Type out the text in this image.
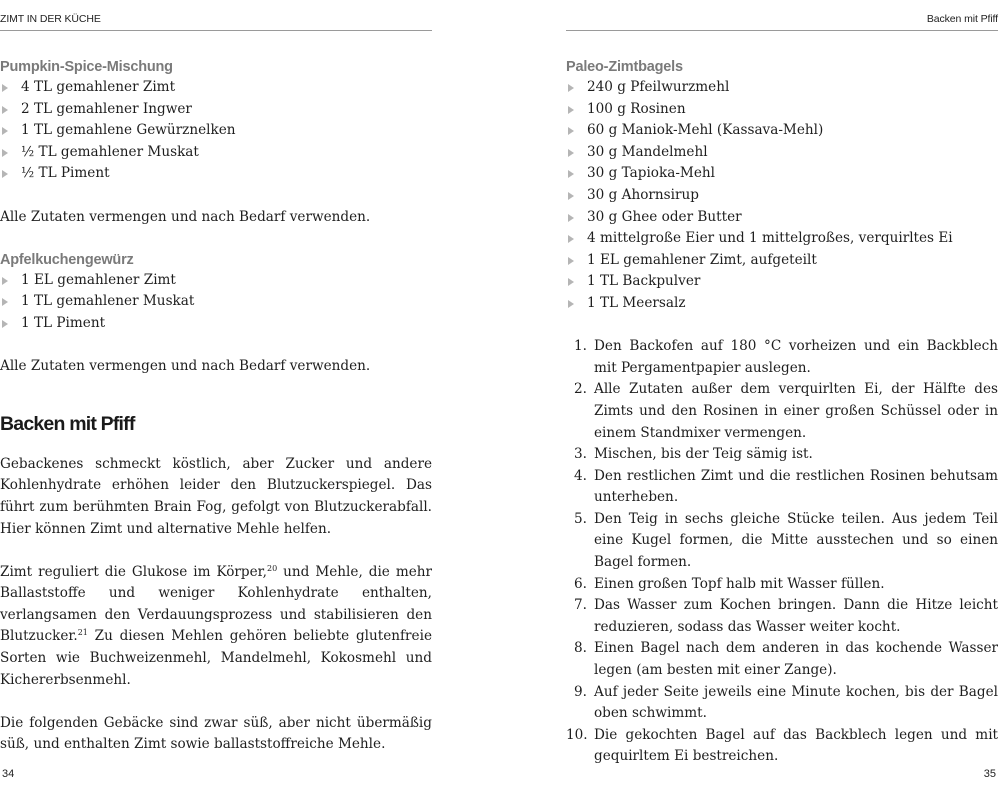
ZIMT IN DER KÜCHE
Pumpkin-Spice-Mischung
4 TL gemahlener Zimt
2 TL gemahlener Ingwer
1 TL gemahlene Gewürznelken
½ TL gemahlener Muskat
½ TL Piment

Alle Zutaten vermengen und nach Bedarf verwenden.

Apfelkuchengewürz
1 EL gemahlener Zimt
1 TL gemahlener Muskat
1 TL Piment

Alle Zutaten vermengen und nach Bedarf verwenden.

Backen mit Pfiff

Gebackenes schmeckt köstlich, aber Zucker und andere Kohlenhydrate erhöhen leider den Blutzuckerspiegel. Das führt zum berühmten Brain Fog, gefolgt von Blutzuckerabfall. Hier können Zimt und alternative Mehle helfen.

Zimt reguliert die Glukose im Körper,$^{20}$ und Mehle, die mehr Ballaststoffe und weniger Kohlenhydrate enthalten, verlangsamen den Verdauungsprozess und stabilisieren den Blutzucker.$^{21}$ Zu diesen Mehlen gehören beliebte glutenfreie Sorten wie Buchweizenmehl, Mandelmehl, Kokosmehl und Kichererbsenmehl.

Die folgenden Gebäcke sind zwar süß, aber nicht übermäßig süß, und enthalten Zimt sowie ballaststoffreiche Mehle.

34
Backen mit Pfiff
Paleo-Zimtbagels
240 g Pfeilwurzmehl
100 g Rosinen
60 g Maniok-Mehl (Kassava-Mehl)
30 g Mandelmehl
30 g Tapioka-Mehl
30 g Ahornsirup
30 g Ghee oder Butter
4 mittelgroße Eier und 1 mittelgroßes, verquirltes Ei
1 EL gemahlener Zimt, aufgeteilt
1 TL Backpulver
1 TL Meersalz
1. Den Backofen auf 180 °C vorheizen und ein Backblech mit Pergamentpapier auslegen.
2. Alle Zutaten außer dem verquirlten Ei, der Hälfte des Zimts und den Rosinen in einer großen Schüssel oder in einem Standmixer vermengen.
3. Mischen, bis der Teig sämig ist.
4. Den restlichen Zimt und die restlichen Rosinen behutsam unterheben.
5. Den Teig in sechs gleiche Stücke teilen. Aus jedem Teil eine Kugel formen, die Mitte ausstechen und so einen Bagel formen.
6. Einen großen Topf halb mit Wasser füllen.
7. Das Wasser zum Kochen bringen. Dann die Hitze leicht reduzieren, sodass das Wasser weiter kocht.
8. Einen Bagel nach dem anderen in das kochende Wasser legen (am besten mit einer Zange).
9. Auf jeder Seite jeweils eine Minute kochen, bis der Bagel oben schwimmt.
10. Die gekochten Bagel auf das Backblech legen und mit gequirltem Ei bestreichen.
35
